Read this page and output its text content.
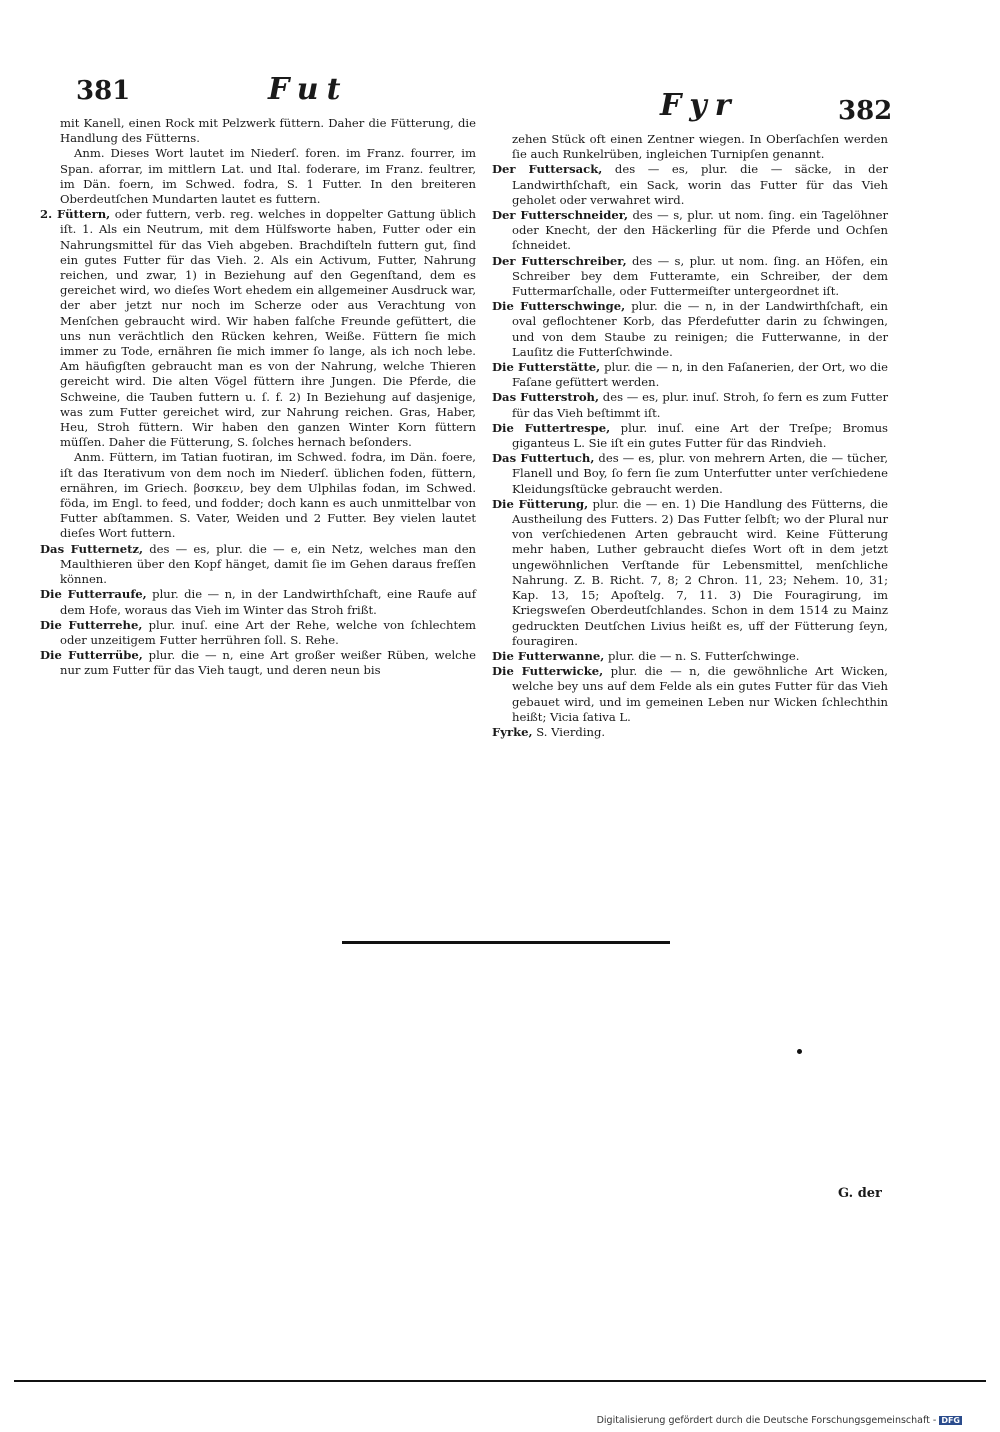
381	Fut	Fyr	382

mit Kanell, einen Rock mit Pelzwerk füttern. Daher die Fütterung, die Handlung des Fütterns.

Anm. Dieses Wort lautet im Niederſ. foren. im Franz. fourrer, im Span. aforrar, im mittlern Lat. und Ital. foderare, im Franz. feultrer, im Dän. foern, im Schwed. fodra, S. 1 Futter. In den breiteren Oberdeutſchen Mundarten lautet es futtern.

2. Füttern, oder futtern, verb. reg. welches in doppelter Gattung üblich iſt. 1. Als ein Neutrum, mit dem Hülfsworte haben, Futter oder ein Nahrungsmittel für das Vieh abgeben. Brachdiſteln futtern gut, ſind ein gutes Futter für das Vieh. 2. Als ein Activum, Futter, Nahrung reichen, und zwar, 1) in Beziehung auf den Gegenſtand, dem es gereichet wird, wo dieſes Wort ehedem ein allgemeiner Ausdruck war, der aber jetzt nur noch im Scherze oder aus Verachtung von Menſchen gebraucht wird. Wir haben falſche Freunde gefüttert, die uns nun verächtlich den Rücken kehren, Weiße. Füttern ſie mich immer zu Tode, ernähren ſie mich immer ſo lange, als ich noch lebe. Am häufigſten gebraucht man es von der Nahrung, welche Thieren gereicht wird. Die alten Vögel füttern ihre Jungen. Die Pferde, die Schweine, die Tauben futtern u. ſ. f. 2) In Beziehung auf dasjenige, was zum Futter gereichet wird, zur Nahrung reichen. Gras, Haber, Heu, Stroh füttern. Wir haben den ganzen Winter Korn füttern müſſen. Daher die Fütterung, S. ſolches hernach beſonders.

Anm. Füttern, im Tatian fuotiran, im Schwed. fodra, im Dän. foere, iſt das Iterativum von dem noch im Niederſ. üblichen foden, füttern, ernähren, im Griech. βοσκειν, bey dem Ulphilas fodan, im Schwed. föda, im Engl. to feed, und fodder; doch kann es auch unmittelbar von Futter abſtammen. S. Vater, Weiden und 2 Futter. Bey vielen lautet dieſes Wort futtern.

Das Futternetz, des — es, plur. die — e, ein Netz, welches man den Maulthieren über den Kopf hänget, damit ſie im Gehen daraus freſſen können.

Die Futterraufe, plur. die — n, in der Landwirthſchaft, eine Raufe auf dem Hofe, woraus das Vieh im Winter das Stroh frißt.

Die Futterrehe, plur. inuſ. eine Art der Rehe, welche von ſchlechtem oder unzeitigem Futter herrühren ſoll. S. Rehe.

Die Futterrübe, plur. die — n, eine Art großer weißer Rüben, welche nur zum Futter für das Vieh taugt, und deren neun bis

zehen Stück oft einen Zentner wiegen. In Oberſachſen werden ſie auch Runkelrüben, ingleichen Turnipſen genannt.

Der Futtersack, des — es, plur. die — säcke, in der Landwirthſchaft, ein Sack, worin das Futter für das Vieh geholet oder verwahret wird.

Der Futterschneider, des — s, plur. ut nom. ſing. ein Tagelöhner oder Knecht, der den Häckerling für die Pferde und Ochſen ſchneidet.

Der Futterschreiber, des — s, plur. ut nom. ſing. an Höfen, ein Schreiber bey dem Futteramte, ein Schreiber, der dem Futtermarſchalle, oder Futtermeiſter untergeordnet iſt.

Die Futterschwinge, plur. die — n, in der Landwirthſchaft, ein oval geflochtener Korb, das Pferdefutter darin zu ſchwingen, und von dem Staube zu reinigen; die Futterwanne, in der Lauſitz die Futterſchwinde.

Die Futterstätte, plur. die — n, in den Faſanerien, der Ort, wo die Faſane gefüttert werden.

Das Futterstroh, des — es, plur. inuſ. Stroh, ſo fern es zum Futter für das Vieh beſtimmt iſt.

Die Futtertrespe, plur. inuſ. eine Art der Treſpe; Bromus giganteus L. Sie iſt ein gutes Futter für das Rindvieh.

Das Futtertuch, des — es, plur. von mehrern Arten, die — tücher, Flanell und Boy, ſo fern ſie zum Unterfutter unter verſchiedene Kleidungsſtücke gebraucht werden.

Die Fütterung, plur. die — en. 1) Die Handlung des Fütterns, die Austheilung des Futters. 2) Das Futter ſelbſt; wo der Plural nur von verſchiedenen Arten gebraucht wird. Keine Fütterung mehr haben, Luther gebraucht dieſes Wort oft in dem jetzt ungewöhnlichen Verſtande für Lebensmittel, menſchliche Nahrung. Z. B. Richt. 7, 8; 2 Chron. 11, 23; Nehem. 10, 31; Kap. 13, 15; Apoſtelg. 7, 11. 3) Die Fouragirung, im Kriegsweſen Oberdeutſchlandes. Schon in dem 1514 zu Mainz gedruckten Deutſchen Livius heißt es, uff der Fütterung ſeyn, fouragiren.

Die Futterwanne, plur. die — n. S. Futterſchwinge.

Die Futterwicke, plur. die — n, die gewöhnliche Art Wicken, welche bey uns auf dem Felde als ein gutes Futter für das Vieh gebauet wird, und im gemeinen Leben nur Wicken ſchlechthin heißt; Vicia ſativa L.

Fyrke, S. Vierding.

G. der
Digitalisierung gefördert durch die Deutsche Forschungsgemeinschaft - DFG
